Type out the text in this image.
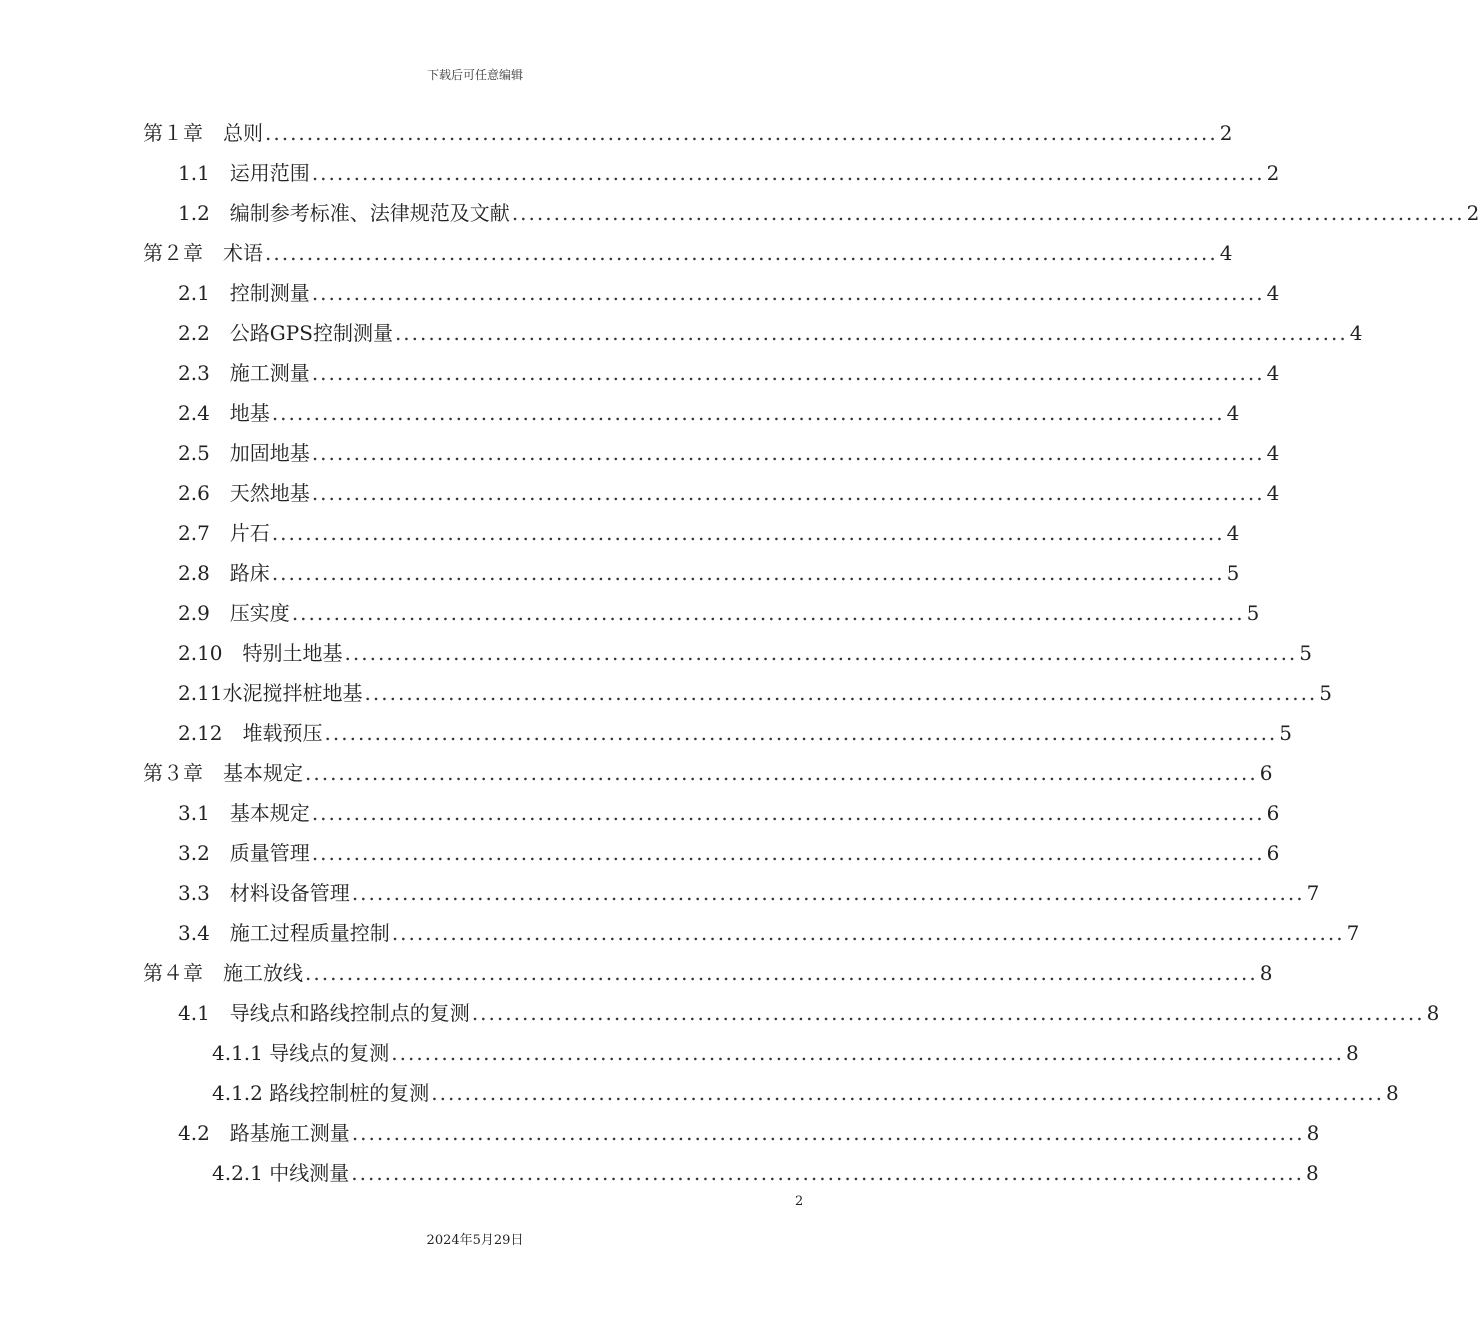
下载后可任意编辑
第１章　总则 .................................................................................................................. 2
1.1　运用范围 .................................................................................................................. 2
1.2　编制参考标准、法律规范及文献 .................................................................................................................. 2
第２章　术语 .................................................................................................................. 4
2.1　控制测量 .................................................................................................................. 4
2.2　公路GPS控制测量 .................................................................................................................. 4
2.3　施工测量 .................................................................................................................. 4
2.4　地基 .................................................................................................................. 4
2.5　加固地基 .................................................................................................................. 4
2.6　天然地基 .................................................................................................................. 4
2.7　片石 .................................................................................................................. 4
2.8　路床 .................................................................................................................. 5
2.9　压实度 .................................................................................................................. 5
2.10　特别土地基 .................................................................................................................. 5
2.11水泥搅拌桩地基 .................................................................................................................. 5
2.12　堆载预压 .................................................................................................................. 5
第３章　基本规定 .................................................................................................................. 6
3.1　基本规定 .................................................................................................................. 6
3.2　质量管理 .................................................................................................................. 6
3.3　材料设备管理 .................................................................................................................. 7
3.4　施工过程质量控制 .................................................................................................................. 7
第４章　施工放线 .................................................................................................................. 8
4.1　导线点和路线控制点的复测 .................................................................................................................. 8
4.1.1 导线点的复测 .................................................................................................................. 8
4.1.2 路线控制桩的复测 .................................................................................................................. 8
4.2　路基施工测量 .................................................................................................................. 8
4.2.1 中线测量 .................................................................................................................. 8
2
2024年5月29日
